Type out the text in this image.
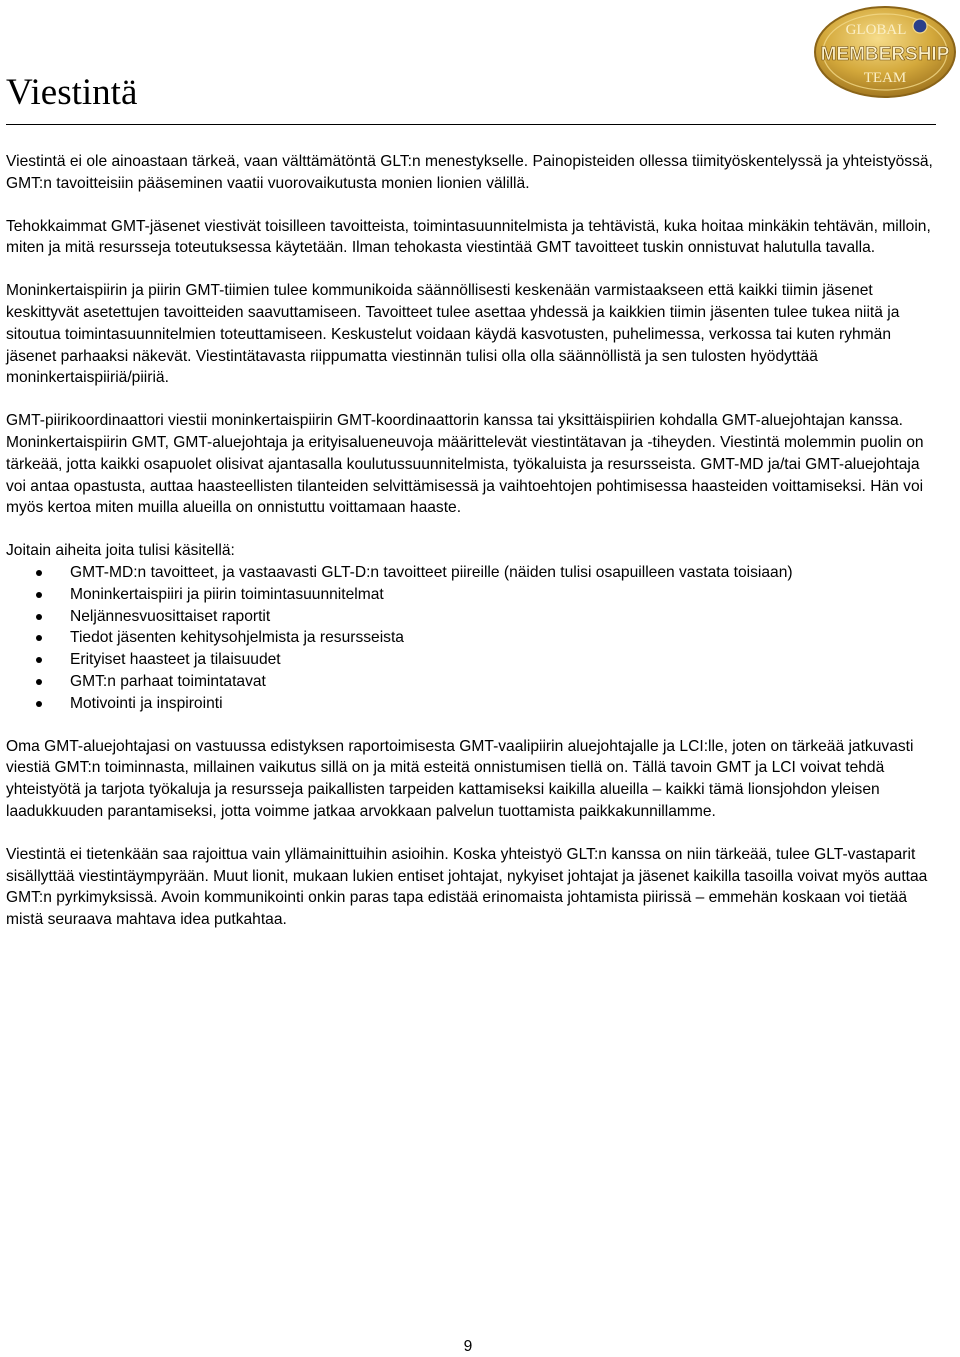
Viestintä
GLOBAL
MEMBERSHIP
TEAM

Viestintä ei ole ainoastaan tärkeä, vaan välttämätöntä GLT:n menestykselle. Painopisteiden ollessa tiimityöskentelyssä ja yhteistyössä, GMT:n tavoitteisiin pääseminen vaatii vuorovaikutusta monien lionien välillä.

Tehokkaimmat GMT-jäsenet viestivät toisilleen tavoitteista, toimintasuunnitelmista ja tehtävistä, kuka hoitaa minkäkin tehtävän, milloin, miten ja mitä resursseja toteutuksessa käytetään. Ilman tehokasta viestintää GMT tavoitteet tuskin onnistuvat halutulla tavalla.

Moninkertaispiirin ja piirin GMT-tiimien tulee kommunikoida säännöllisesti keskenään varmistaakseen että kaikki tiimin jäsenet keskittyvät asetettujen tavoitteiden saavuttamiseen. Tavoitteet tulee asettaa yhdessä ja kaikkien tiimin jäsenten tulee tukea niitä ja sitoutua toimintasuunnitelmien toteuttamiseen. Keskustelut voidaan käydä kasvotusten, puhelimessa, verkossa tai kuten ryhmän jäsenet parhaaksi näkevät. Viestintätavasta riippumatta viestinnän tulisi olla olla säännöllistä ja sen tulosten hyödyttää moninkertaispiiriä/piiriä.

GMT-piirikoordinaattori viestii moninkertaispiirin GMT-koordinaattorin kanssa tai yksittäispiirien kohdalla GMT-aluejohtajan kanssa. Moninkertaispiirin GMT, GMT-aluejohtaja ja erityisalueneuvoja määrittelevät viestintätavan ja -tiheyden. Viestintä molemmin puolin on tärkeää, jotta kaikki osapuolet olisivat ajantasalla koulutussuunnitelmista, työkaluista ja resursseista. GMT-MD ja/tai GMT-aluejohtaja voi antaa opastusta, auttaa haasteellisten tilanteiden selvittämisessä ja vaihtoehtojen pohtimisessa haasteiden voittamiseksi. Hän voi myös kertoa miten muilla alueilla on onnistuttu voittamaan haaste.

Joitain aiheita joita tulisi käsitellä:

GMT-MD:n tavoitteet, ja vastaavasti GLT-D:n tavoitteet piireille (näiden tulisi osapuilleen vastata toisiaan)
Moninkertaispiiri ja piirin toimintasuunnitelmat
Neljännesvuosittaiset raportit
Tiedot jäsenten kehitysohjelmista ja resursseista
Erityiset haasteet ja tilaisuudet
GMT:n parhaat toimintatavat
Motivointi ja inspirointi

Oma GMT-aluejohtajasi on vastuussa edistyksen raportoimisesta GMT-vaalipiirin aluejohtajalle ja LCI:lle, joten on tärkeää jatkuvasti viestiä GMT:n toiminnasta, millainen vaikutus sillä on ja mitä esteitä onnistumisen tiellä on. Tällä tavoin GMT ja LCI voivat tehdä yhteistyötä ja tarjota työkaluja ja resursseja paikallisten tarpeiden kattamiseksi kaikilla alueilla – kaikki tämä lionsjohdon yleisen laadukkuuden parantamiseksi, jotta voimme jatkaa arvokkaan palvelun tuottamista paikkakunnillamme.

Viestintä ei tietenkään saa rajoittua vain yllämainittuihin asioihin. Koska yhteistyö GLT:n kanssa on niin tärkeää, tulee GLT-vastaparit sisällyttää viestintäympyrään. Muut lionit, mukaan lukien entiset johtajat, nykyiset johtajat ja jäsenet kaikilla tasoilla voivat myös auttaa GMT:n pyrkimyksissä. Avoin kommunikointi onkin paras tapa edistää erinomaista johtamista piirissä – emmehän koskaan voi tietää mistä seuraava mahtava idea putkahtaa.

9
